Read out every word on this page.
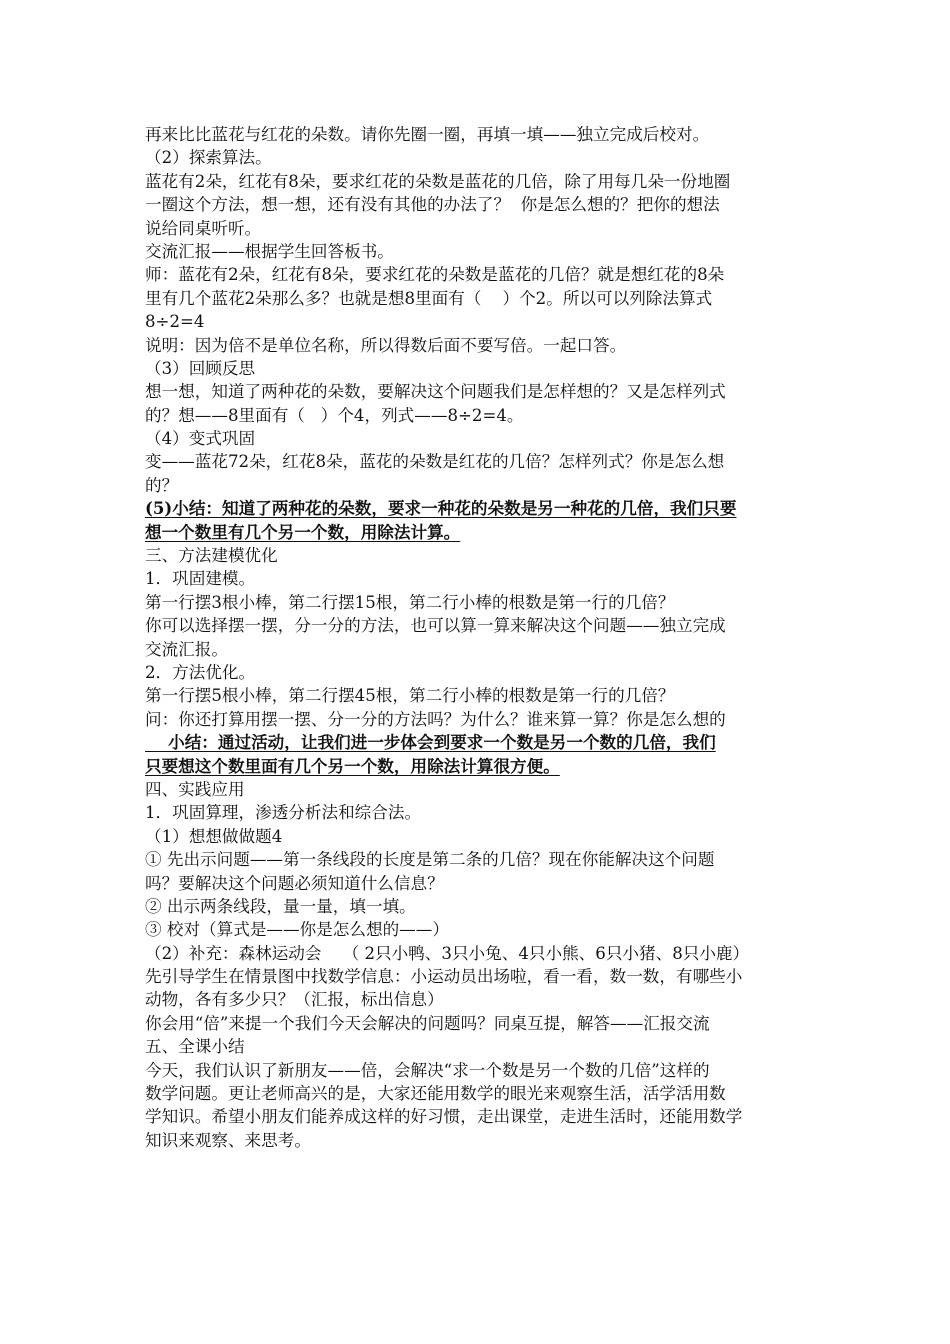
再来比比蓝花与红花的朵数。请你先圈一圈，再填一填——独立完成后校对。
（2）探索算法。
蓝花有2朵，红花有8朵，要求红花的朵数是蓝花的几倍，除了用每几朵一份地圈
一圈这个方法，想一想，还有没有其他的办法了？  你是怎么想的？把你的想法
说给同桌听听。
交流汇报——根据学生回答板书。
师：蓝花有2朵，红花有8朵，要求红花的朵数是蓝花的几倍？就是想红花的8朵
里有几个蓝花2朵那么多？也就是想8里面有（    ）个2。所以可以列除法算式
8÷2=4
说明：因为倍不是单位名称，所以得数后面不要写倍。一起口答。
（3）回顾反思
想一想，知道了两种花的朵数，要解决这个问题我们是怎样想的？又是怎样列式
的？想——8里面有（   ）个4，列式——8÷2=4。
（4）变式巩固
变——蓝花72朵，红花8朵，蓝花的朵数是红花的几倍？怎样列式？你是怎么想
的？
(5)小结：知道了两种花的朵数，要求一种花的朵数是另一种花的几倍，我们只要
想一个数里有几个另一个数，用除法计算。
三、方法建模优化
1．巩固建模。
第一行摆3根小棒，第二行摆15根，第二行小棒的根数是第一行的几倍？
你可以选择摆一摆，分一分的方法，也可以算一算来解决这个问题——独立完成
交流汇报。
2．方法优化。
第一行摆5根小棒，第二行摆45根，第二行小棒的根数是第一行的几倍？
问：你还打算用摆一摆、分一分的方法吗？为什么？谁来算一算？你是怎么想的
小结：通过活动，让我们进一步体会到要求一个数是另一个数的几倍，我们
只要想这个数里面有几个另一个数，用除法计算很方便。
四、实践应用
1．巩固算理，渗透分析法和综合法。
（1）想想做做题4
① 先出示问题——第一条线段的长度是第二条的几倍？现在你能解决这个问题
吗？要解决这个问题必须知道什么信息？
② 出示两条线段，量一量，填一填。
③ 校对（算式是——你是怎么想的——）
（2）补充：森林运动会    （ 2只小鸭、3只小兔、4只小熊、6只小猪、8只小鹿）
先引导学生在情景图中找数学信息：小运动员出场啦，看一看，数一数，有哪些小
动物，各有多少只？（汇报，标出信息）
你会用“倍”来提一个我们今天会解决的问题吗？同桌互提，解答——汇报交流
五、全课小结
今天，我们认识了新朋友——倍，会解决“求一个数是另一个数的几倍”这样的
数学问题。更让老师高兴的是，大家还能用数学的眼光来观察生活，活学活用数
学知识。希望小朋友们能养成这样的好习惯，走出课堂，走进生活时，还能用数学
知识来观察、来思考。
